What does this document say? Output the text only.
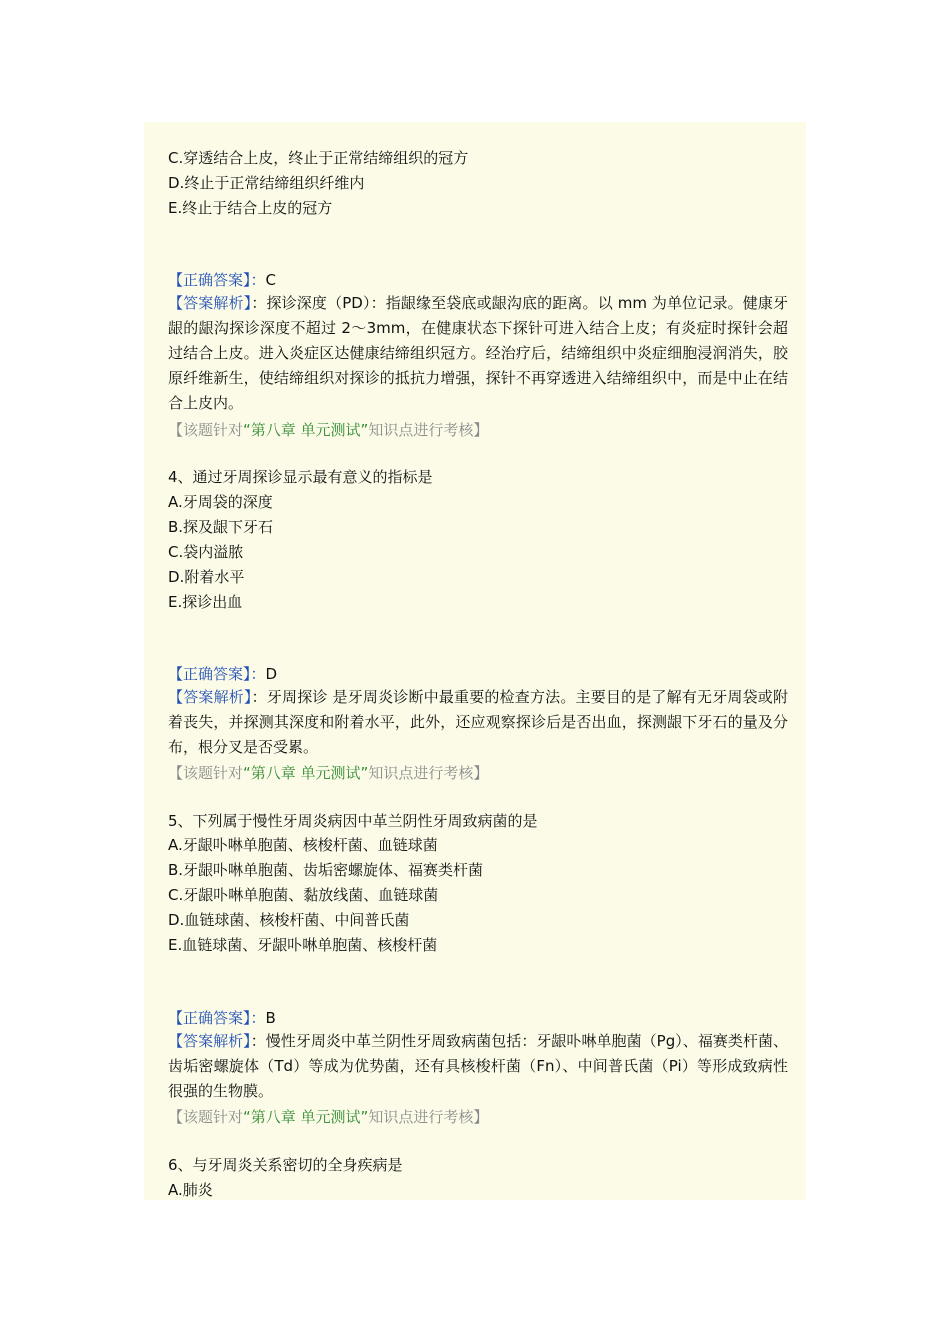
C.穿透结合上皮，终止于正常结缔组织的冠方
D.终止于正常结缔组织纤维内
E.终止于结合上皮的冠方
【正确答案】：C
【答案解析】：探诊深度（PD）：指龈缘至袋底或龈沟底的距离。以 mm 为单位记录。健康牙龈的龈沟探诊深度不超过 2～3mm，在健康状态下探针可进入结合上皮；有炎症时探针会超过结合上皮。进入炎症区达健康结缔组织冠方。经治疗后，结缔组织中炎症细胞浸润消失，胶原纤维新生，使结缔组织对探诊的抵抗力增强，探针不再穿透进入结缔组织中，而是中止在结合上皮内。
【该题针对“第八章 单元测试”知识点进行考核】
4、通过牙周探诊显示最有意义的指标是
A.牙周袋的深度
B.探及龈下牙石
C.袋内溢脓
D.附着水平
E.探诊出血
【正确答案】：D
【答案解析】：牙周探诊 是牙周炎诊断中最重要的检查方法。主要目的是了解有无牙周袋或附着丧失，并探测其深度和附着水平，此外，还应观察探诊后是否出血，探测龈下牙石的量及分布，根分叉是否受累。
【该题针对“第八章 单元测试”知识点进行考核】
5、下列属于慢性牙周炎病因中革兰阴性牙周致病菌的是
A.牙龈卟啉单胞菌、核梭杆菌、血链球菌
B.牙龈卟啉单胞菌、齿垢密螺旋体、福赛类杆菌
C.牙龈卟啉单胞菌、黏放线菌、血链球菌
D.血链球菌、核梭杆菌、中间普氏菌
E.血链球菌、牙龈卟啉单胞菌、核梭杆菌
【正确答案】：B
【答案解析】：慢性牙周炎中革兰阴性牙周致病菌包括：牙龈卟啉单胞菌（Pg）、福赛类杆菌、齿垢密螺旋体（Td）等成为优势菌，还有具核梭杆菌（Fn）、中间普氏菌（Pi）等形成致病性很强的生物膜。
【该题针对“第八章 单元测试”知识点进行考核】
6、与牙周炎关系密切的全身疾病是
A.肺炎
